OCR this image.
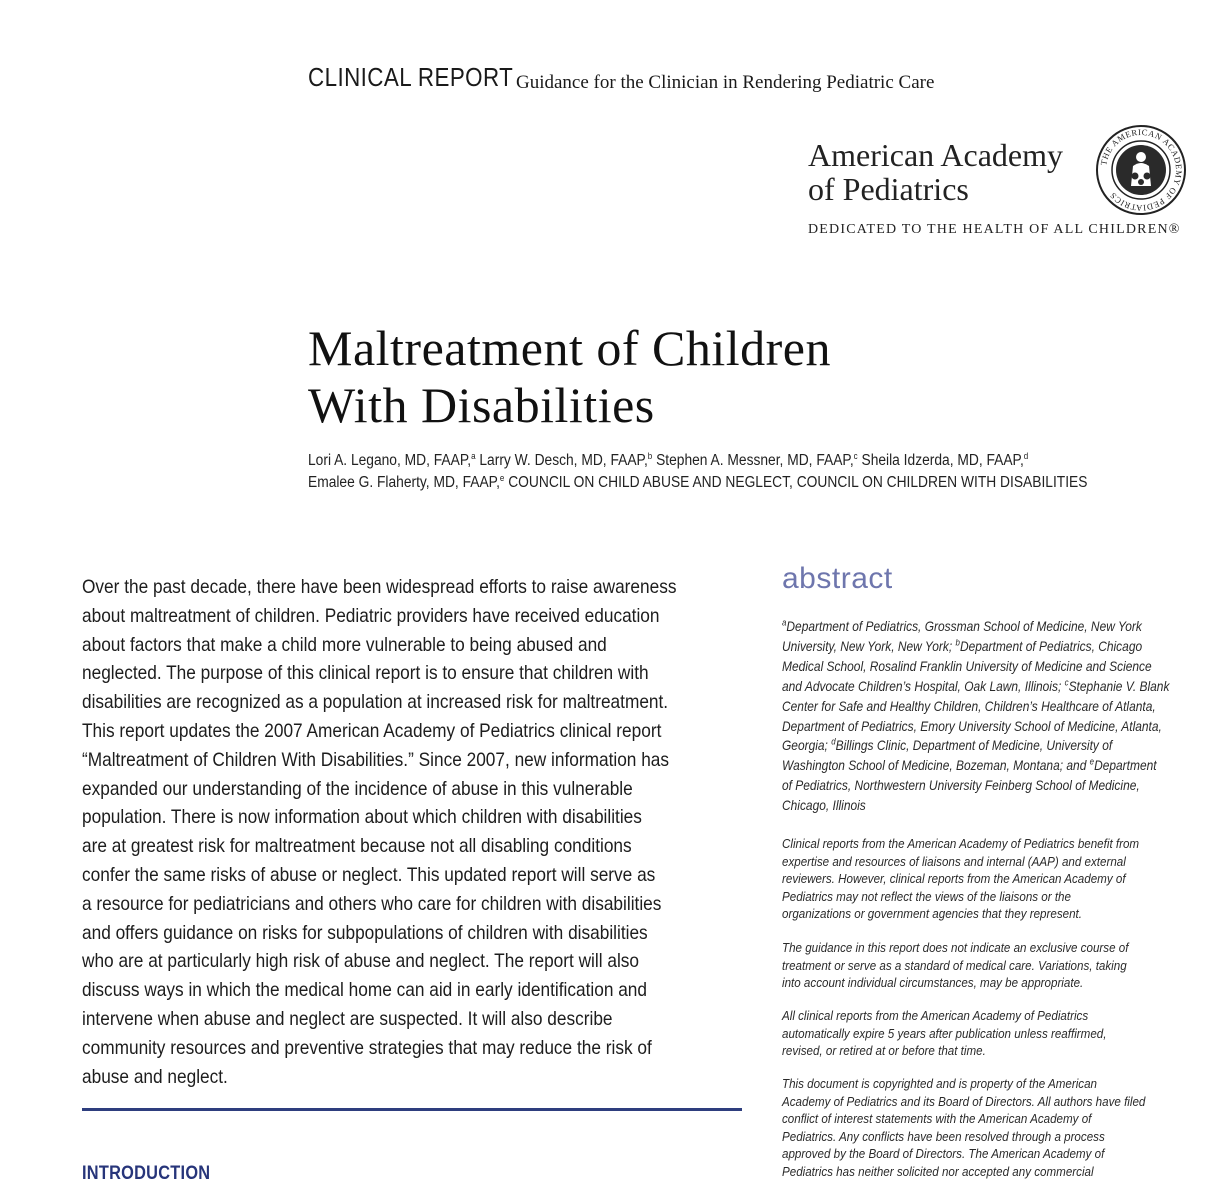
CLINICAL REPORT Guidance for the Clinician in Rendering Pediatric Care
American Academy
of Pediatrics
DEDICATED TO THE HEALTH OF ALL CHILDREN®
THE AMERICAN ACADEMY OF PEDIATRICS
Maltreatment of Children
With Disabilities
Lori A. Legano, MD, FAAP,$^a$ Larry W. Desch, MD, FAAP,$^b$ Stephen A. Messner, MD, FAAP,$^c$ Sheila Idzerda, MD, FAAP,$^d$
Emalee G. Flaherty, MD, FAAP,$^e$ COUNCIL ON CHILD ABUSE AND NEGLECT, COUNCIL ON CHILDREN WITH DISABILITIES
Over the past decade, there have been widespread efforts to raise awareness
about maltreatment of children. Pediatric providers have received education
about factors that make a child more vulnerable to being abused and
neglected. The purpose of this clinical report is to ensure that children with
disabilities are recognized as a population at increased risk for maltreatment.
This report updates the 2007 American Academy of Pediatrics clinical report
“Maltreatment of Children With Disabilities.” Since 2007, new information has
expanded our understanding of the incidence of abuse in this vulnerable
population. There is now information about which children with disabilities
are at greatest risk for maltreatment because not all disabling conditions
confer the same risks of abuse or neglect. This updated report will serve as
a resource for pediatricians and others who care for children with disabilities
and offers guidance on risks for subpopulations of children with disabilities
who are at particularly high risk of abuse and neglect. The report will also
discuss ways in which the medical home can aid in early identification and
intervene when abuse and neglect are suspected. It will also describe
community resources and preventive strategies that may reduce the risk of
abuse and neglect.
INTRODUCTION
abstract
$^a$Department of Pediatrics, Grossman School of Medicine, New York
University, New York, New York; $^b$Department of Pediatrics, Chicago
Medical School, Rosalind Franklin University of Medicine and Science
and Advocate Children’s Hospital, Oak Lawn, Illinois; $^c$Stephanie V. Blank
Center for Safe and Healthy Children, Children’s Healthcare of Atlanta,
Department of Pediatrics, Emory University School of Medicine, Atlanta,
Georgia; $^d$Billings Clinic, Department of Medicine, University of
Washington School of Medicine, Bozeman, Montana; and $^e$Department
of Pediatrics, Northwestern University Feinberg School of Medicine,
Chicago, Illinois
Clinical reports from the American Academy of Pediatrics benefit from
expertise and resources of liaisons and internal (AAP) and external
reviewers. However, clinical reports from the American Academy of
Pediatrics may not reflect the views of the liaisons or the
organizations or government agencies that they represent.
The guidance in this report does not indicate an exclusive course of
treatment or serve as a standard of medical care. Variations, taking
into account individual circumstances, may be appropriate.
All clinical reports from the American Academy of Pediatrics
automatically expire 5 years after publication unless reaffirmed,
revised, or retired at or before that time.
This document is copyrighted and is property of the American
Academy of Pediatrics and its Board of Directors. All authors have filed
conflict of interest statements with the American Academy of
Pediatrics. Any conflicts have been resolved through a process
approved by the Board of Directors. The American Academy of
Pediatrics has neither solicited nor accepted any commercial
